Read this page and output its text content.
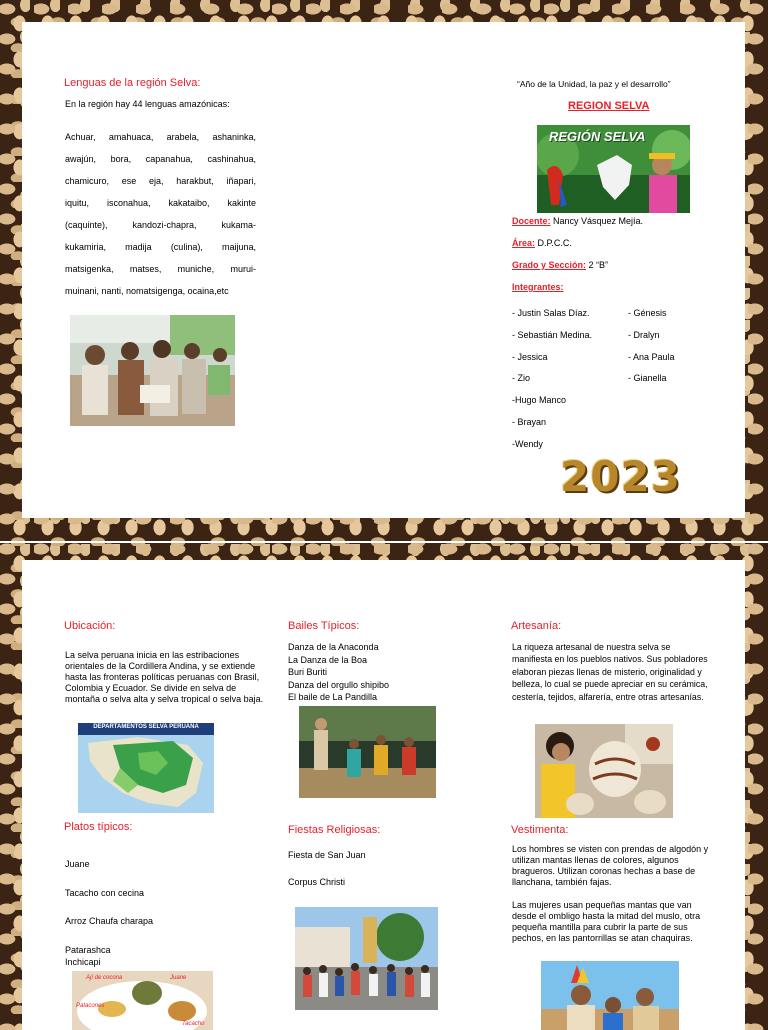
Lenguas de la región Selva:
En la región hay 44 lenguas amazónicas:
Achuar, amahuaca, arabela, ashaninka,
awajún, bora, capanahua, cashinahua,
chamicuro, ese eja, harakbut, iñapari,
iquitu, isconahua, kakataibo, kakinte
(caquinte), kandozi-chapra, kukama-
kukamiria, madija (culina), maijuna,
matsigenka, matses, muniche, murui-
muinani, nanti, nomatsigenga, ocaina,etc
“Año de la Unidad, la paz y el desarrollo”
REGION SELVA
REGIÓN SELVA
Docente: Nancy Vásquez Mejía.
Área: D.P.C.C.
Grado y Sección: 2 “B”
Integrantes:
- Justin Salas Díaz.
- Sebastián Medina.
- Jessica
- Zio
-Hugo Manco
- Brayan
-Wendy
- Génesis
- Dralyn
- Ana Paula
- Gianella
2023
Ubicación:
La selva peruana inicia en las estribaciones orientales de la Cordillera Andina, y se extiende hasta las fronteras políticas peruanas con Brasil, Colombia y Ecuador. Se divide en selva de montaña o selva alta y selva tropical o selva baja.
DEPARTAMENTOS SELVA PERUANA
Platos típicos:
Juane
Tacacho con cecina
Arroz Chaufa charapa
Patarashca
Inchicapi
Ají de cocona	Juane
Patacones
Tacacho
Bailes Típicos:
Danza de la Anaconda
La Danza de la Boa
Buri Buriti
Danza del orgullo shipibo
El baile de La Pandilla
Fiestas Religiosas:
Fiesta de San Juan
Corpus Christi
Artesanía:
La riqueza artesanal de nuestra selva se manifiesta en los pueblos nativos. Sus pobladores elaboran piezas llenas de misterio, originalidad y belleza, lo cual se puede apreciar en su cerámica, cestería, tejidos, alfarería, entre otras artesanías.
Vestimenta:
Los hombres se visten con prendas de algodón y utilizan mantas llenas de colores, algunos bragueros. Utilizan coronas hechas a base de llanchana, también fajas.
Las mujeres usan pequeñas mantas que van desde el ombligo hasta la mitad del muslo, otra pequeña mantilla para cubrir la parte de sus pechos, en las pantorrillas se atan chaquiras.
